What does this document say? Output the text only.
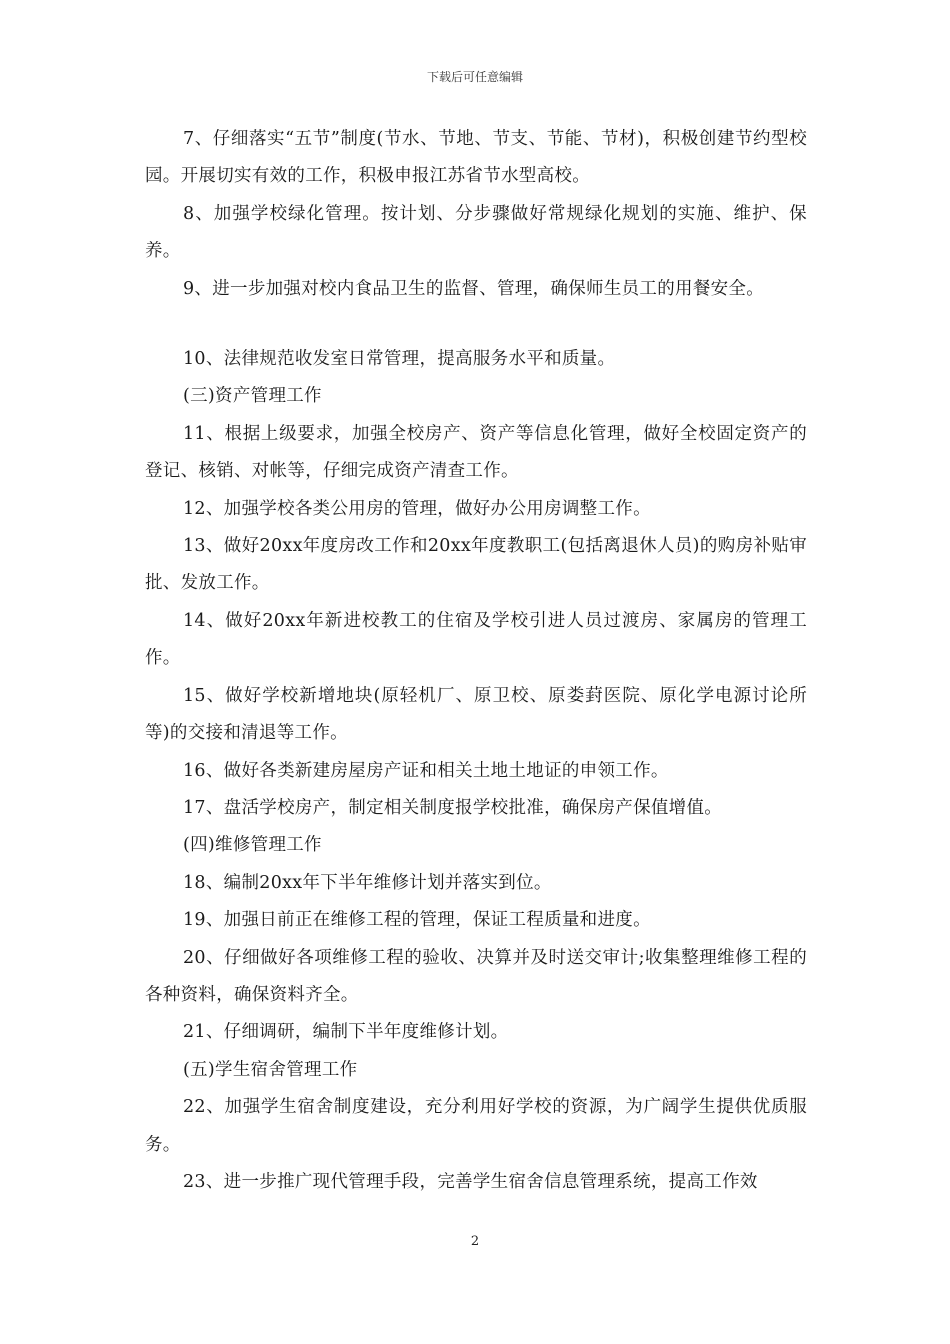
下载后可任意编辑

7、仔细落实“五节”制度(节水、节地、节支、节能、节材)，积极创建节约型校园。开展切实有效的工作，积极申报江苏省节水型高校。

8、加强学校绿化管理。按计划、分步骤做好常规绿化规划的实施、维护、保养。

9、进一步加强对校内食品卫生的监督、管理，确保师生员工的用餐安全。

10、法律规范收发室日常管理，提高服务水平和质量。

(三)资产管理工作

11、根据上级要求，加强全校房产、资产等信息化管理，做好全校固定资产的登记、核销、对帐等，仔细完成资产清查工作。

12、加强学校各类公用房的管理，做好办公用房调整工作。

13、做好20xx年度房改工作和20xx年度教职工(包括离退休人员)的购房补贴审批、发放工作。

14、做好20xx年新进校教工的住宿及学校引进人员过渡房、家属房的管理工作。

15、做好学校新增地块(原轻机厂、原卫校、原娄葑医院、原化学电源讨论所等)的交接和清退等工作。

16、做好各类新建房屋房产证和相关土地土地证的申领工作。

17、盘活学校房产，制定相关制度报学校批准，确保房产保值增值。

(四)维修管理工作

18、编制20xx年下半年维修计划并落实到位。

19、加强日前正在维修工程的管理，保证工程质量和进度。

20、仔细做好各项维修工程的验收、决算并及时送交审计;收集整理维修工程的各种资料，确保资料齐全。

21、仔细调研，编制下半年度维修计划。

(五)学生宿舍管理工作

22、加强学生宿舍制度建设，充分利用好学校的资源，为广阔学生提供优质服务。

23、进一步推广现代管理手段，完善学生宿舍信息管理系统，提高工作效

2
